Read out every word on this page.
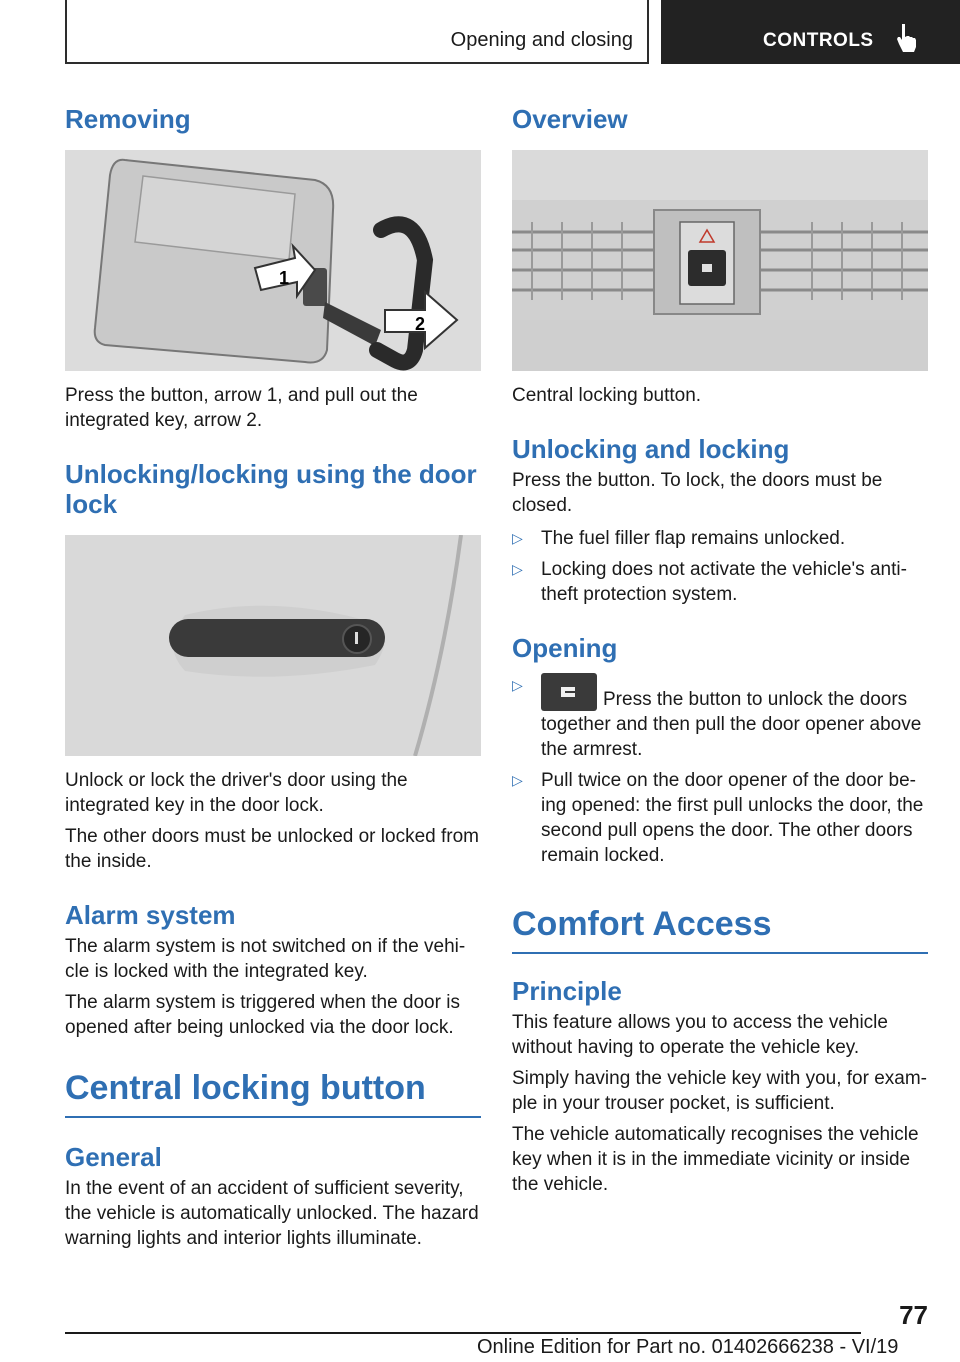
Opening and closing	CONTROLS
Removing
1
2
Press the button, arrow 1, and pull out the integrated key, arrow 2.
Unlocking/locking using the door lock
Unlock or lock the driver's door using the integrated key in the door lock.
The other doors must be unlocked or locked from the inside.
Alarm system
The alarm system is not switched on if the vehi‐cle is locked with the integrated key.
The alarm system is triggered when the door is opened after being unlocked via the door lock.
Central locking button
General
In the event of an accident of sufficient severity, the vehicle is automatically unlocked. The hazard warning lights and interior lights illuminate.
Overview
Central locking button.
Unlocking and locking
Press the button. To lock, the doors must be closed.
▷ The fuel filler flap remains unlocked.
▷ Locking does not activate the vehicle's anti‐theft protection system.
Opening
▷
Press the button to unlock the doors together and then pull the door opener above the armrest.
▷ Pull twice on the door opener of the door be‐ing opened: the first pull unlocks the door, the second pull opens the door. The other doors remain locked.
Comfort Access
Principle
This feature allows you to access the vehicle without having to operate the vehicle key.
Simply having the vehicle key with you, for exam‐ple in your trouser pocket, is sufficient.
The vehicle automatically recognises the vehicle key when it is in the immediate vicinity or inside the vehicle.
77
Online Edition for Part no. 01402666238 - VI/19
